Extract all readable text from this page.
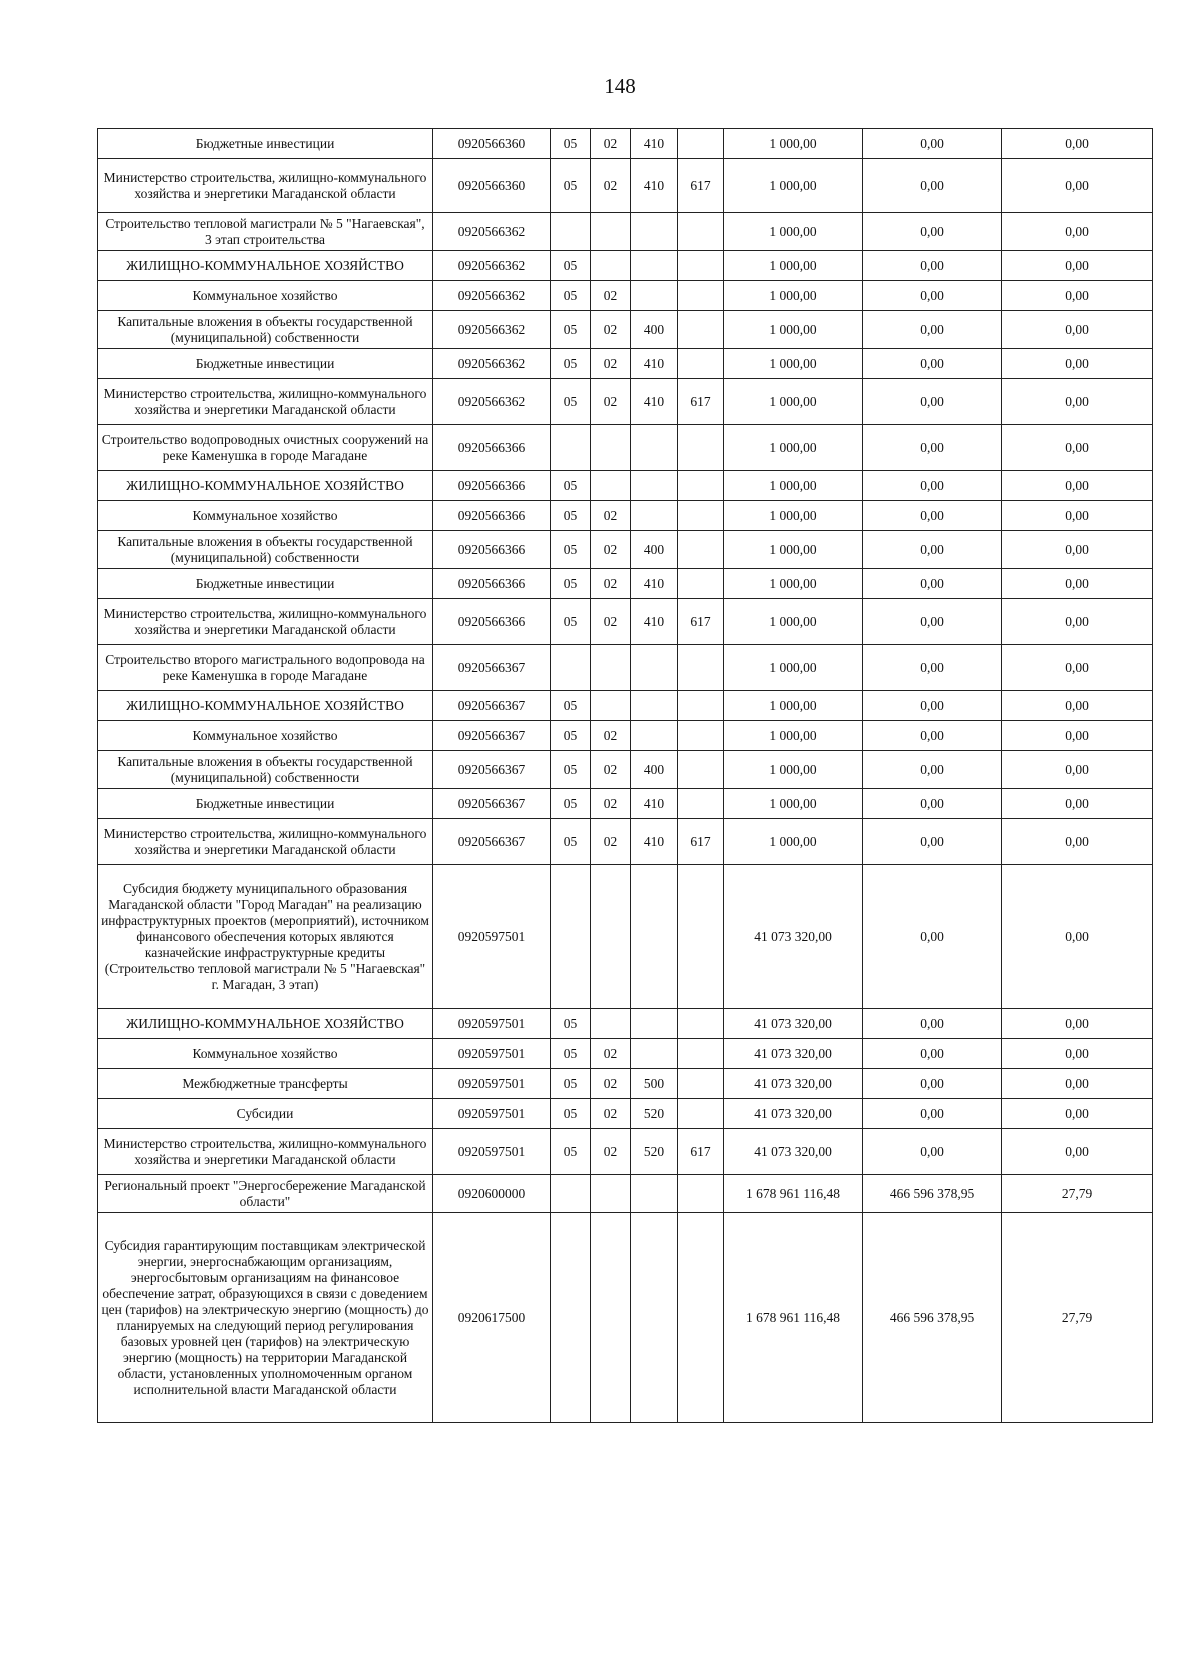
148
Бюджетные инвестиции	0920566360	05	02	410		1 000,00	0,00	0,00
Министерство строительства, жилищно-коммунального хозяйства и энергетики Магаданской области	0920566360	05	02	410	617	1 000,00	0,00	0,00
Строительство тепловой магистрали № 5 "Нагаевская", 3 этап строительства	0920566362					1 000,00	0,00	0,00
ЖИЛИЩНО-КОММУНАЛЬНОЕ ХОЗЯЙСТВО	0920566362	05				1 000,00	0,00	0,00
Коммунальное хозяйство	0920566362	05	02			1 000,00	0,00	0,00
Капитальные вложения в объекты государственной (муниципальной) собственности	0920566362	05	02	400		1 000,00	0,00	0,00
Бюджетные инвестиции	0920566362	05	02	410		1 000,00	0,00	0,00
Министерство строительства, жилищно-коммунального хозяйства и энергетики Магаданской области	0920566362	05	02	410	617	1 000,00	0,00	0,00
Строительство водопроводных очистных сооружений на реке Каменушка в городе Магадане	0920566366					1 000,00	0,00	0,00
ЖИЛИЩНО-КОММУНАЛЬНОЕ ХОЗЯЙСТВО	0920566366	05				1 000,00	0,00	0,00
Коммунальное хозяйство	0920566366	05	02			1 000,00	0,00	0,00
Капитальные вложения в объекты государственной (муниципальной) собственности	0920566366	05	02	400		1 000,00	0,00	0,00
Бюджетные инвестиции	0920566366	05	02	410		1 000,00	0,00	0,00
Министерство строительства, жилищно-коммунального хозяйства и энергетики Магаданской области	0920566366	05	02	410	617	1 000,00	0,00	0,00
Строительство второго магистрального водопровода на реке Каменушка в городе Магадане	0920566367					1 000,00	0,00	0,00
ЖИЛИЩНО-КОММУНАЛЬНОЕ ХОЗЯЙСТВО	0920566367	05				1 000,00	0,00	0,00
Коммунальное хозяйство	0920566367	05	02			1 000,00	0,00	0,00
Капитальные вложения в объекты государственной (муниципальной) собственности	0920566367	05	02	400		1 000,00	0,00	0,00
Бюджетные инвестиции	0920566367	05	02	410		1 000,00	0,00	0,00
Министерство строительства, жилищно-коммунального хозяйства и энергетики Магаданской области	0920566367	05	02	410	617	1 000,00	0,00	0,00
Субсидия бюджету муниципального образования Магаданской области "Город Магадан" на реализацию инфраструктурных проектов (мероприятий), источником финансового обеспечения которых являются казначейские инфраструктурные кредиты (Строительство тепловой магистрали № 5 "Нагаевская" г. Магадан, 3 этап)	0920597501					41 073 320,00	0,00	0,00
ЖИЛИЩНО-КОММУНАЛЬНОЕ ХОЗЯЙСТВО	0920597501	05				41 073 320,00	0,00	0,00
Коммунальное хозяйство	0920597501	05	02			41 073 320,00	0,00	0,00
Межбюджетные трансферты	0920597501	05	02	500		41 073 320,00	0,00	0,00
Субсидии	0920597501	05	02	520		41 073 320,00	0,00	0,00
Министерство строительства, жилищно-коммунального хозяйства и энергетики Магаданской области	0920597501	05	02	520	617	41 073 320,00	0,00	0,00
Региональный проект "Энергосбережение Магаданской области"	0920600000					1 678 961 116,48	466 596 378,95	27,79
Субсидия гарантирующим поставщикам электрической энергии, энергоснабжающим организациям, энергосбытовым организациям на финансовое обеспечение затрат, образующихся в связи с доведением цен (тарифов) на электрическую энергию (мощность) до планируемых на следующий период регулирования базовых уровней цен (тарифов) на электрическую энергию (мощность) на территории Магаданской области, установленных уполномоченным органом исполнительной власти Магаданской области	0920617500					1 678 961 116,48	466 596 378,95	27,79
